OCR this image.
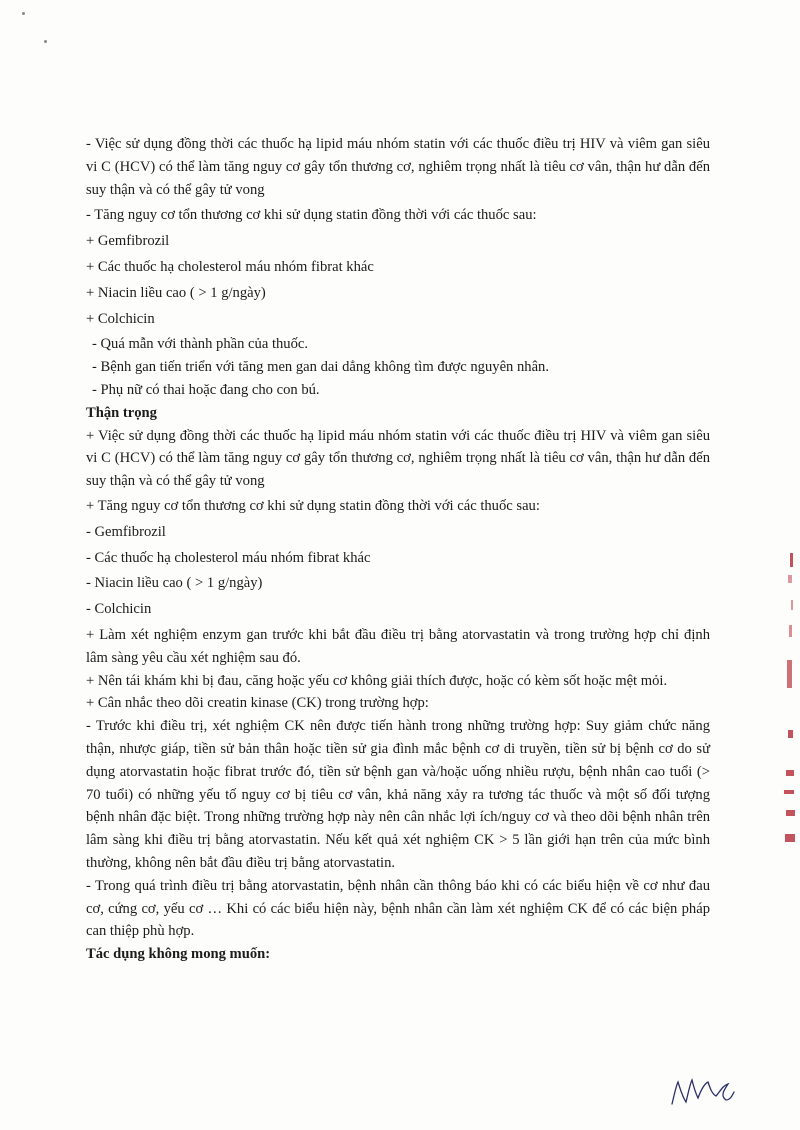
- Việc sử dụng đồng thời các thuốc hạ lipid máu nhóm statin với các thuốc điều trị HIV và viêm gan siêu vi C (HCV) có thể làm tăng nguy cơ gây tổn thương cơ, nghiêm trọng nhất là tiêu cơ vân, thận hư dẫn đến suy thận và có thể gây tử vong

- Tăng nguy cơ tổn thương cơ khi sử dụng statin đồng thời với các thuốc sau:

+ Gemfibrozil

+ Các thuốc hạ cholesterol máu nhóm fibrat khác

+ Niacin liều cao ( > 1 g/ngày)

+ Colchicin

- Quá mẫn với thành phần của thuốc.

- Bệnh gan tiến triển với tăng men gan dai dẳng không tìm được nguyên nhân.

- Phụ nữ có thai hoặc đang cho con bú.

Thận trọng

+ Việc sử dụng đồng thời các thuốc hạ lipid máu nhóm statin với các thuốc điều trị HIV và viêm gan siêu vi C (HCV) có thể làm tăng nguy cơ gây tổn thương cơ, nghiêm trọng nhất là tiêu cơ vân, thận hư dẫn đến suy thận và có thể gây tử vong

+ Tăng nguy cơ tổn thương cơ khi sử dụng statin đồng thời với các thuốc sau:

- Gemfibrozil

- Các thuốc hạ cholesterol máu nhóm fibrat khác

- Niacin liều cao ( > 1 g/ngày)

- Colchicin

+ Làm xét nghiệm enzym gan trước khi bắt đầu điều trị bằng atorvastatin và trong trường hợp chỉ định lâm sàng yêu cầu xét nghiệm sau đó.

+ Nên tái khám khi bị đau, căng hoặc yếu cơ không giải thích được, hoặc có kèm sốt hoặc mệt mỏi.

+ Cân nhắc theo dõi creatin kinase (CK) trong trường hợp:

- Trước khi điều trị, xét nghiệm CK nên được tiến hành trong những trường hợp: Suy giảm chức năng thận, nhược giáp, tiền sử bản thân hoặc tiền sử gia đình mắc bệnh cơ di truyền, tiền sử bị bệnh cơ do sử dụng atorvastatin hoặc fibrat trước đó, tiền sử bệnh gan và/hoặc uống nhiều rượu, bệnh nhân cao tuổi (> 70 tuổi) có những yếu tố nguy cơ bị tiêu cơ vân, khả năng xảy ra tương tác thuốc và một số đối tượng bệnh nhân đặc biệt. Trong những trường hợp này nên cân nhắc lợi ích/nguy cơ và theo dõi bệnh nhân trên lâm sàng khi điều trị bằng atorvastatin. Nếu kết quả xét nghiệm CK > 5 lần giới hạn trên của mức bình thường, không nên bắt đầu điều trị bằng atorvastatin.

- Trong quá trình điều trị bằng atorvastatin, bệnh nhân cần thông báo khi có các biểu hiện về cơ như đau cơ, cứng cơ, yếu cơ … Khi có các biểu hiện này, bệnh nhân cần làm xét nghiệm CK để có các biện pháp can thiệp phù hợp.

Tác dụng không mong muốn:
